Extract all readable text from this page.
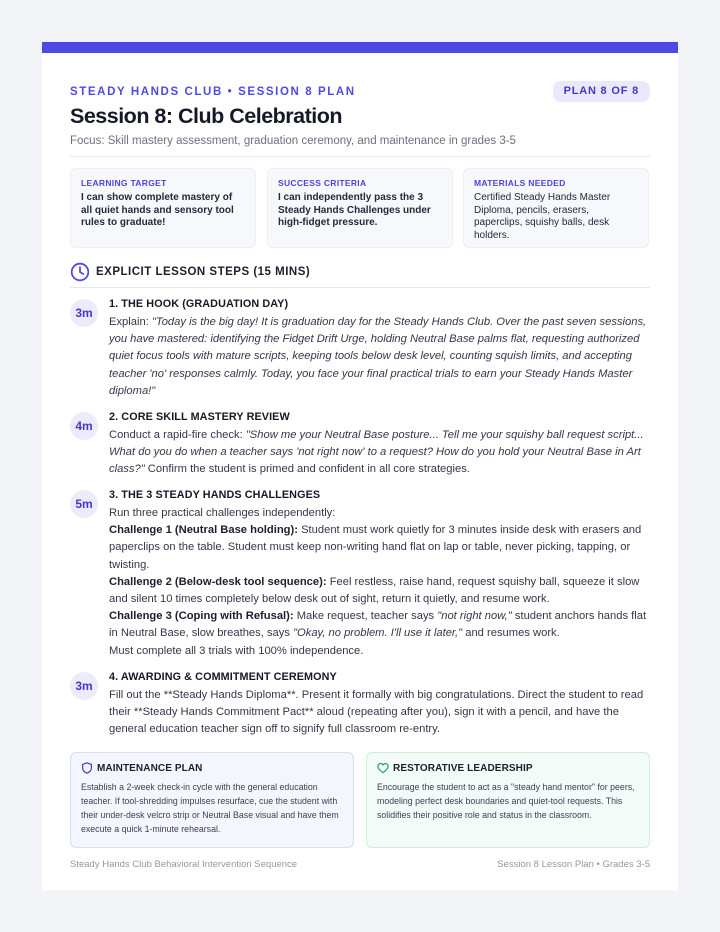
STEADY HANDS CLUB • SESSION 8 PLAN	PLAN 8 OF 8
Session 8: Club Celebration
Focus: Skill mastery assessment, graduation ceremony, and maintenance in grades 3-5
LEARNING TARGET
I can show complete mastery of all quiet hands and sensory tool rules to graduate!
SUCCESS CRITERIA
I can independently pass the 3 Steady Hands Challenges under high-fidget pressure.
MATERIALS NEEDED
Certified Steady Hands Master Diploma, pencils, erasers, paperclips, squishy balls, desk holders.
EXPLICIT LESSON STEPS (15 MINS)
3m
1. THE HOOK (GRADUATION DAY)
Explain: "Today is the big day! It is graduation day for the Steady Hands Club. Over the past seven sessions, you have mastered: identifying the Fidget Drift Urge, holding Neutral Base palms flat, requesting authorized quiet focus tools with mature scripts, keeping tools below desk level, counting squish limits, and accepting teacher 'no' responses calmly. Today, you face your final practical trials to earn your Steady Hands Master diploma!"
4m
2. CORE SKILL MASTERY REVIEW
Conduct a rapid-fire check: "Show me your Neutral Base posture... Tell me your squishy ball request script... What do you do when a teacher says 'not right now' to a request? How do you hold your Neutral Base in Art class?" Confirm the student is primed and confident in all core strategies.
5m
3. THE 3 STEADY HANDS CHALLENGES
Run three practical challenges independently:
Challenge 1 (Neutral Base holding): Student must work quietly for 3 minutes inside desk with erasers and paperclips on the table. Student must keep non-writing hand flat on lap or table, never picking, tapping, or twisting.
Challenge 2 (Below-desk tool sequence): Feel restless, raise hand, request squishy ball, squeeze it slow and silent 10 times completely below desk out of sight, return it quietly, and resume work.
Challenge 3 (Coping with Refusal): Make request, teacher says "not right now," student anchors hands flat in Neutral Base, slow breathes, says "Okay, no problem. I'll use it later," and resumes work.
Must complete all 3 trials with 100% independence.
3m
4. AWARDING & COMMITMENT CEREMONY
Fill out the **Steady Hands Diploma**. Present it formally with big congratulations. Direct the student to read their **Steady Hands Commitment Pact** aloud (repeating after you), sign it with a pencil, and have the general education teacher sign off to signify full classroom re-entry.
MAINTENANCE PLAN
Establish a 2-week check-in cycle with the general education teacher. If tool-shredding impulses resurface, cue the student with their under-desk velcro strip or Neutral Base visual and have them execute a quick 1-minute rehearsal.
RESTORATIVE LEADERSHIP
Encourage the student to act as a "steady hand mentor" for peers, modeling perfect desk boundaries and quiet-tool requests. This solidifies their positive role and status in the classroom.
Steady Hands Club Behavioral Intervention Sequence	Session 8 Lesson Plan • Grades 3-5
